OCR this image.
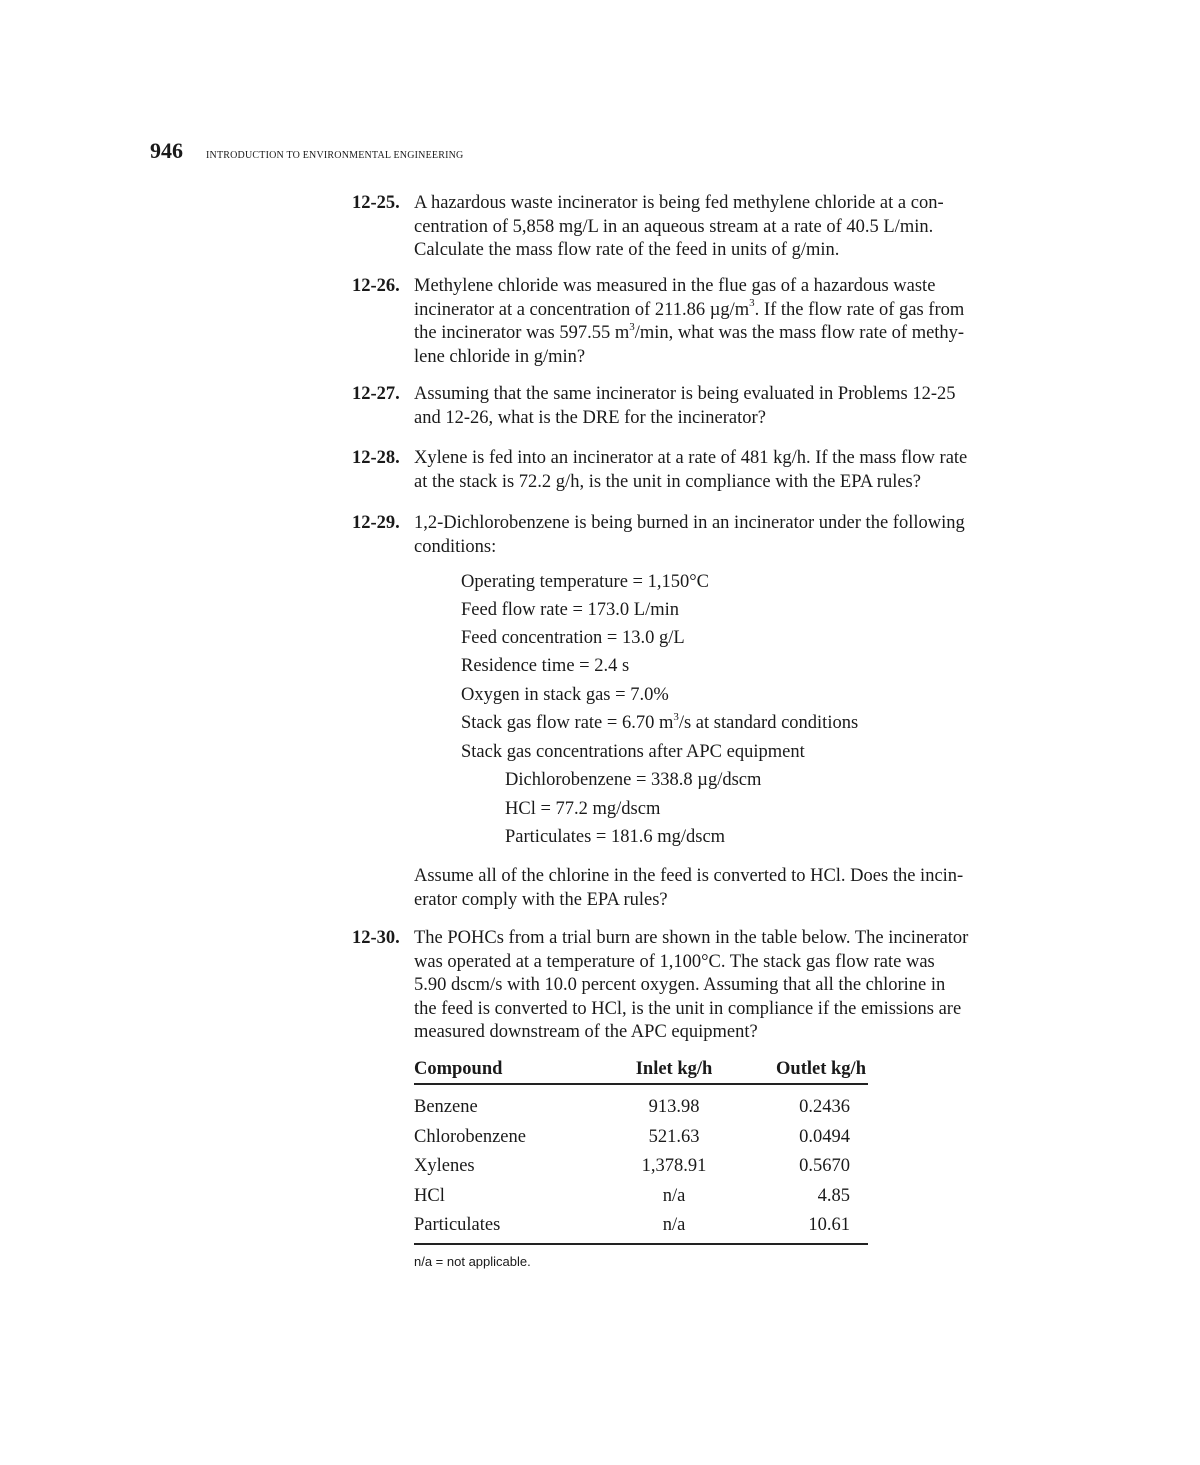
946	INTRODUCTION TO ENVIRONMENTAL ENGINEERING
12-25. A hazardous waste incinerator is being fed methylene chloride at a con-

centration of 5,858 mg/L in an aqueous stream at a rate of 40.5 L/min.

Calculate the mass flow rate of the feed in units of g/min.

12-26. Methylene chloride was measured in the flue gas of a hazardous waste

incinerator at a concentration of 211.86 $\mu g/m^3$. If the flow rate of gas from

the incinerator was 597.55 $m^3/\min$, what was the mass flow rate of methy-

lene chloride in g/min?

12-27. Assuming that the same incinerator is being evaluated in Problems 12-25

and 12-26, what is the DRE for the incinerator?

12-28. Xylene is fed into an incinerator at a rate of 481 kg/h. If the mass flow rate

at the stack is 72.2 g/h, is the unit in compliance with the EPA rules?

12-29. 1,2-Dichlorobenzene is being burned in an incinerator under the following

conditions:

Operating temperature = 1,150°C

Feed flow rate = 173.0 L/min

Feed concentration = 13.0 g/L

Residence time = 2.4 s

Oxygen in stack gas = 7.0%

Stack gas flow rate = 6.70 $m^3/s$ at standard conditions

Stack gas concentrations after APC equipment

Dichlorobenzene = 338.8 µg/dscm

HCl = 77.2 mg/dscm

Particulates = 181.6 mg/dscm

Assume all of the chlorine in the feed is converted to HCl. Does the incin-

erator comply with the EPA rules?

12-30. The POHCs from a trial burn are shown in the table below. The incinerator

was operated at a temperature of 1,100°C. The stack gas flow rate was

5.90 dscm/s with 10.0 percent oxygen. Assuming that all the chlorine in

the feed is converted to HCl, is the unit in compliance if the emissions are

measured downstream of the APC equipment?

Compound	Inlet kg/h	Outlet kg/h
Benzene	913.98	0.2436
Chlorobenzene	521.63	0.0494
Xylenes	1,378.91	0.5670
HCl	n/a	4.85
Particulates	n/a	10.61
n/a = not applicable.
